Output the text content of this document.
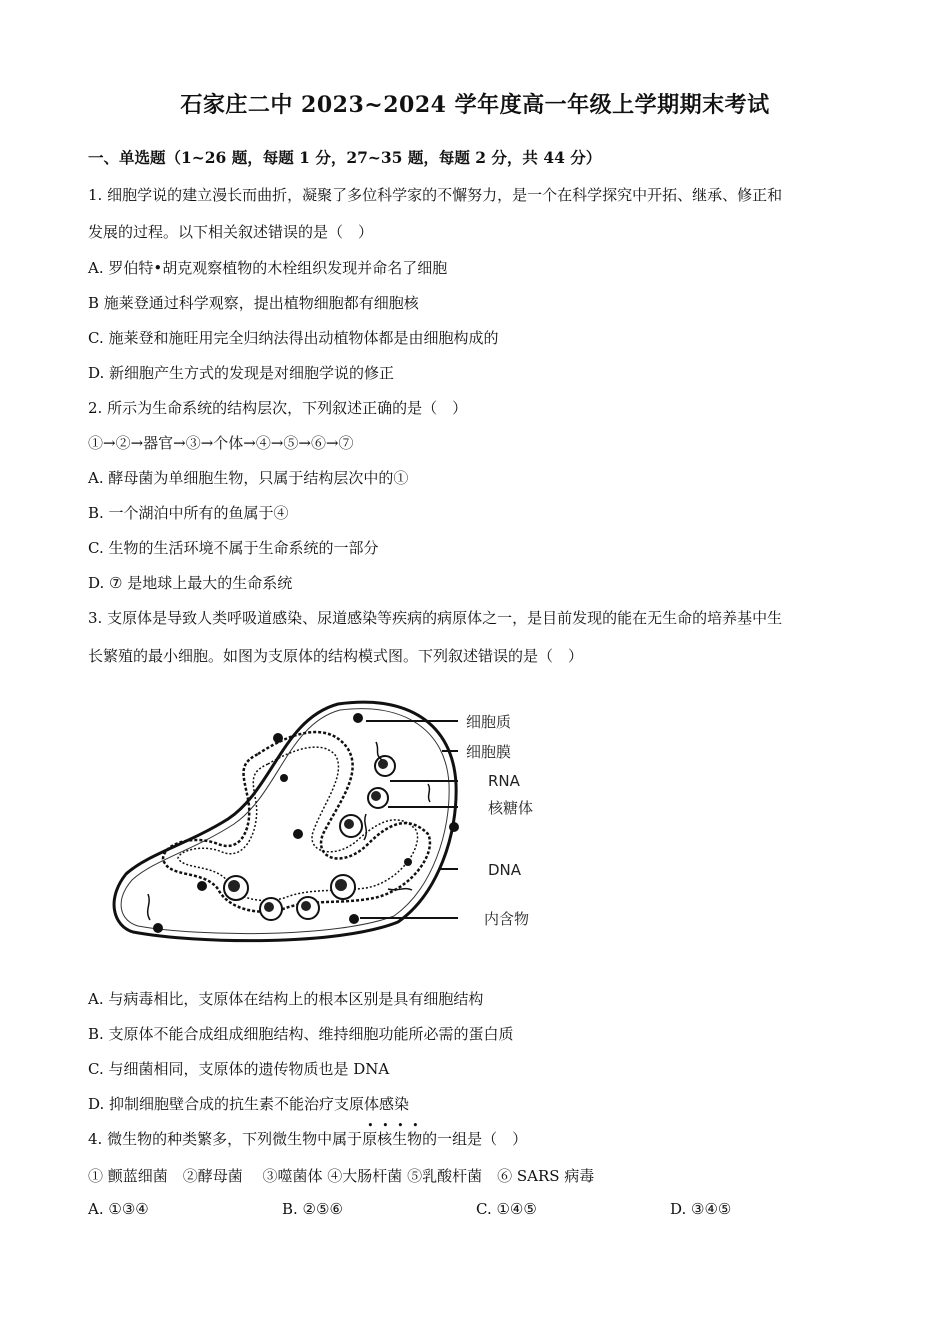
石家庄二中 2023~2024 学年度高一年级上学期期末考试
一、单选题（1~26 题，每题 1 分，27~35 题，每题 2 分，共 44 分）
1. 细胞学说的建立漫长而曲折，凝聚了多位科学家的不懈努力，是一个在科学探究中开拓、继承、修正和
发展的过程。以下相关叙述错误的是（　）
A. 罗伯特•胡克观察植物的木栓组织发现并命名了细胞
B 施莱登通过科学观察，提出植物细胞都有细胞核
C. 施莱登和施旺用完全归纳法得出动植物体都是由细胞构成的
D. 新细胞产生方式的发现是对细胞学说的修正
2. 所示为生命系统的结构层次，下列叙述正确的是（　）
①→②→器官→③→个体→④→⑤→⑥→⑦
A. 酵母菌为单细胞生物，只属于结构层次中的①
B. 一个湖泊中所有的鱼属于④
C. 生物的生活环境不属于生命系统的一部分
D. ⑦ 是地球上最大的生命系统
3. 支原体是导致人类呼吸道感染、尿道感染等疾病的病原体之一，是目前发现的能在无生命的培养基中生
长繁殖的最小细胞。如图为支原体的结构模式图。下列叙述错误的是（　）
细胞质
细胞膜
RNA
核糖体
DNA
内含物
A. 与病毒相比，支原体在结构上的根本区别是具有细胞结构
B. 支原体不能合成组成细胞结构、维持细胞功能所必需的蛋白质
C. 与细菌相同，支原体的遗传物质也是 DNA
D. 抑制细胞壁合成的抗生素不能治疗支原体感染
4. 微生物的种类繁多，下列微生物中属于原核生物
• • • •
的一组是（　）
① 颤蓝细菌　②酵母菌　 ③噬菌体 ④大肠杆菌 ⑤乳酸杆菌　⑥ SARS 病毒
A. ①③④	B. ②⑤⑥	C. ①④⑤	D. ③④⑤
